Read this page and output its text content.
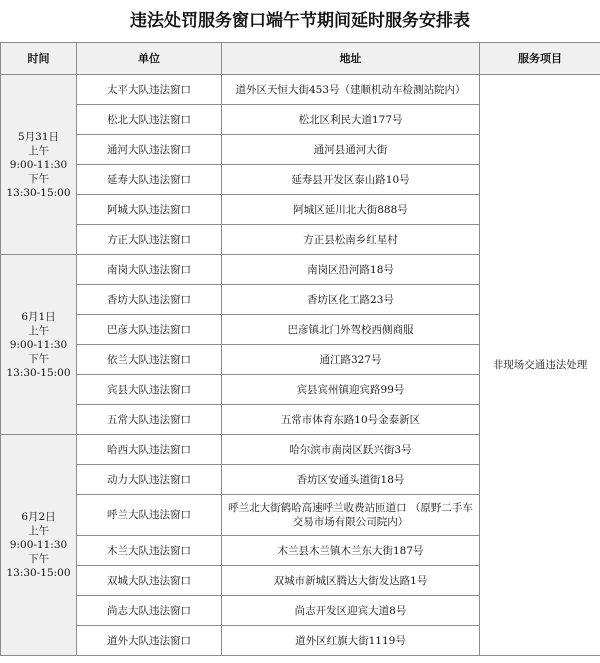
违法处罚服务窗口端午节期间延时服务安排表
时间	单位	地址	服务项目

5月31日
上午
9:00-11:30
下午
13:30-15:00	太平大队违法窗口	道外区天恒大街453号（建顺机动车检测站院内）	非现场交通违法处理
	松北大队违法窗口	松北区利民大道177号	
	通河大队违法窗口	通河县通河大街	
	延寿大队违法窗口	延寿县开发区泰山路10号	
	阿城大队违法窗口	阿城区延川北大街888号	
	方正大队违法窗口	方正县松南乡红星村	

6月1日
上午
9:00-11:30
下午
13:30-15:00	南岗大队违法窗口	南岗区沿河路18号	
	香坊大队违法窗口	香坊区化工路23号	
	巴彦大队违法窗口	巴彦镇北门外驾校西侧商服	
	依兰大队违法窗口	通江路327号	
	宾县大队违法窗口	宾县宾州镇迎宾路99号	
	五常大队违法窗口	五常市体育东路10号金泰新区	

6月2日
上午
9:00-11:30
下午
13:30-15:00	哈西大队违法窗口	哈尔滨市南岗区跃兴街3号	
	动力大队违法窗口	香坊区安通头道街18号	
	呼兰大队违法窗口	呼兰北大街鹤哈高速呼兰收费站匝道口 （原野二手车交易市场有限公司院内）	
	木兰大队违法窗口	木兰县木兰镇木兰东大街187号	
	双城大队违法窗口	双城市新城区腾达大街发达路1号	
	尚志大队违法窗口	尚志开发区迎宾大道8号	
	道外大队违法窗口	道外区红旗大街1119号	
